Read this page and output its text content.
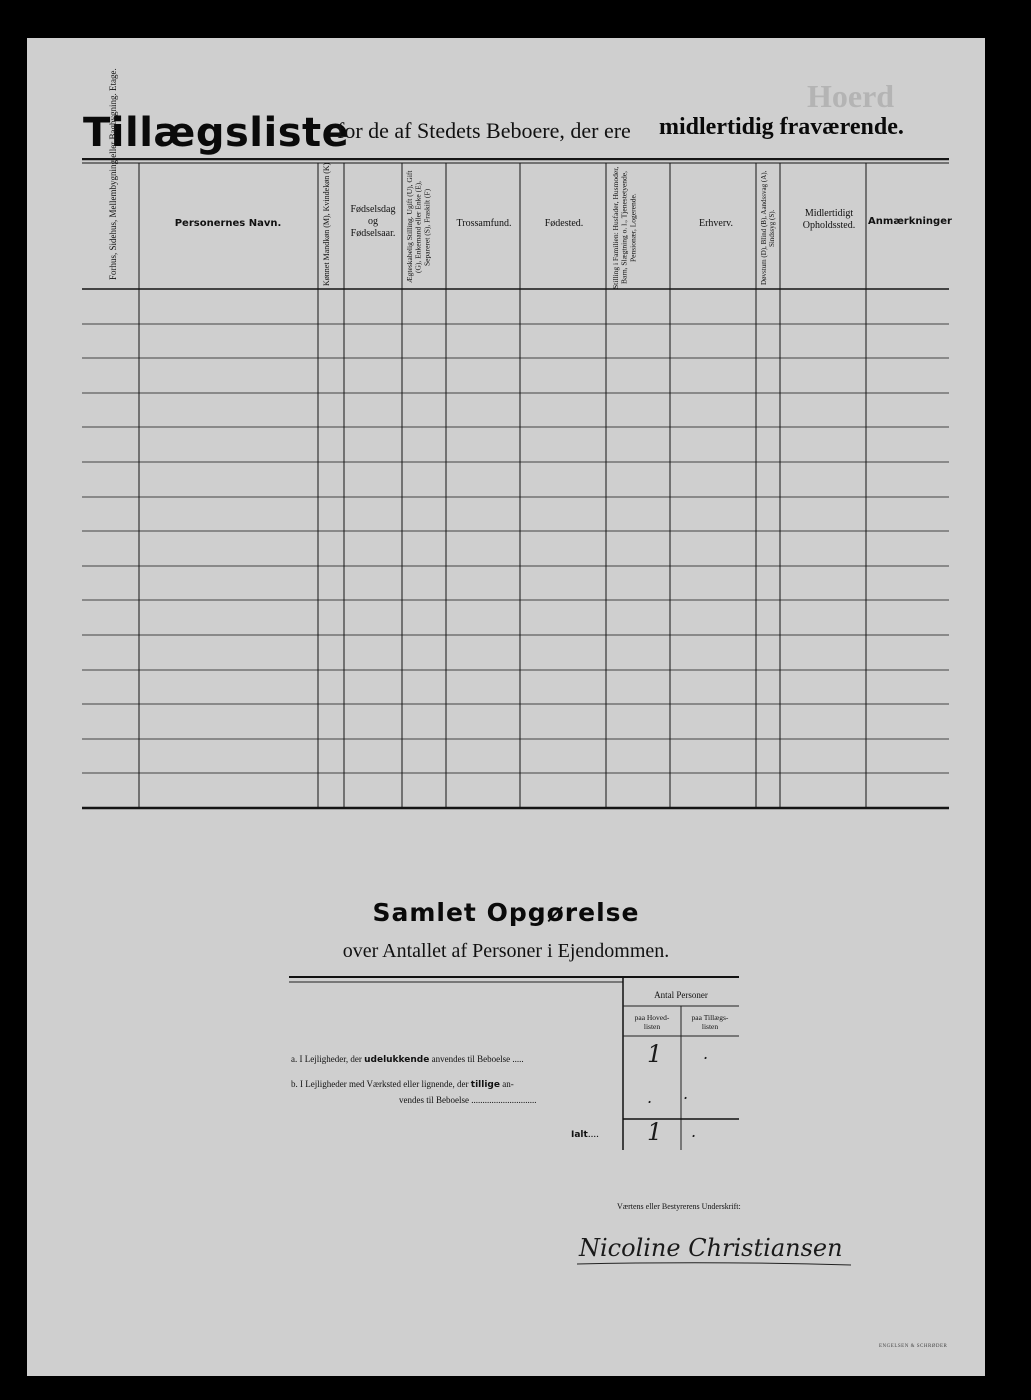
Hoerd
Tillægsliste
for de af Stedets Beboere, der ere midlertidig fraværende.
Forhus, Sidehus, Mellembygning eller Bagbygning. Etage.	Personernes Navn.	Kønnet Mandkøn (M), Kvindekøn (K)	Fødselsdag og Fødselsaar.	Ægteskabelig Stilling. Ugift (U), Gift (G), Enkemand eller Enke (E), Separeret (S), Fraskilt (F)	Trossamfund.	Fødested.	Stilling i Familien: Husfader, Husmoder, Barn, Slægtning o. l., Tjenestetyende, Pensionær, Logerende.	Erhverv.	Døvstum (D), Blind (B), Aandssvag (A), Sindssyg (S).	Midlertidigt Opholdssted.	Anmærkninger
Samlet Opgørelse
over Antallet af Personer i Ejendommen.
Antal Personer
paa Hoved-
listen
paa Tillægs-
listen
a. I Lejligheder, der udelukkende anvendes til Beboelse .....	1	.
b. I Lejligheder med Værksted eller lignende, der tillige an-
vendes til Beboelse .............................	. .
Ialt.... 1 .
Værtens eller Bestyrerens Underskrift:
Nicoline Christiansen
ENGELSEN & SCHRØDER
